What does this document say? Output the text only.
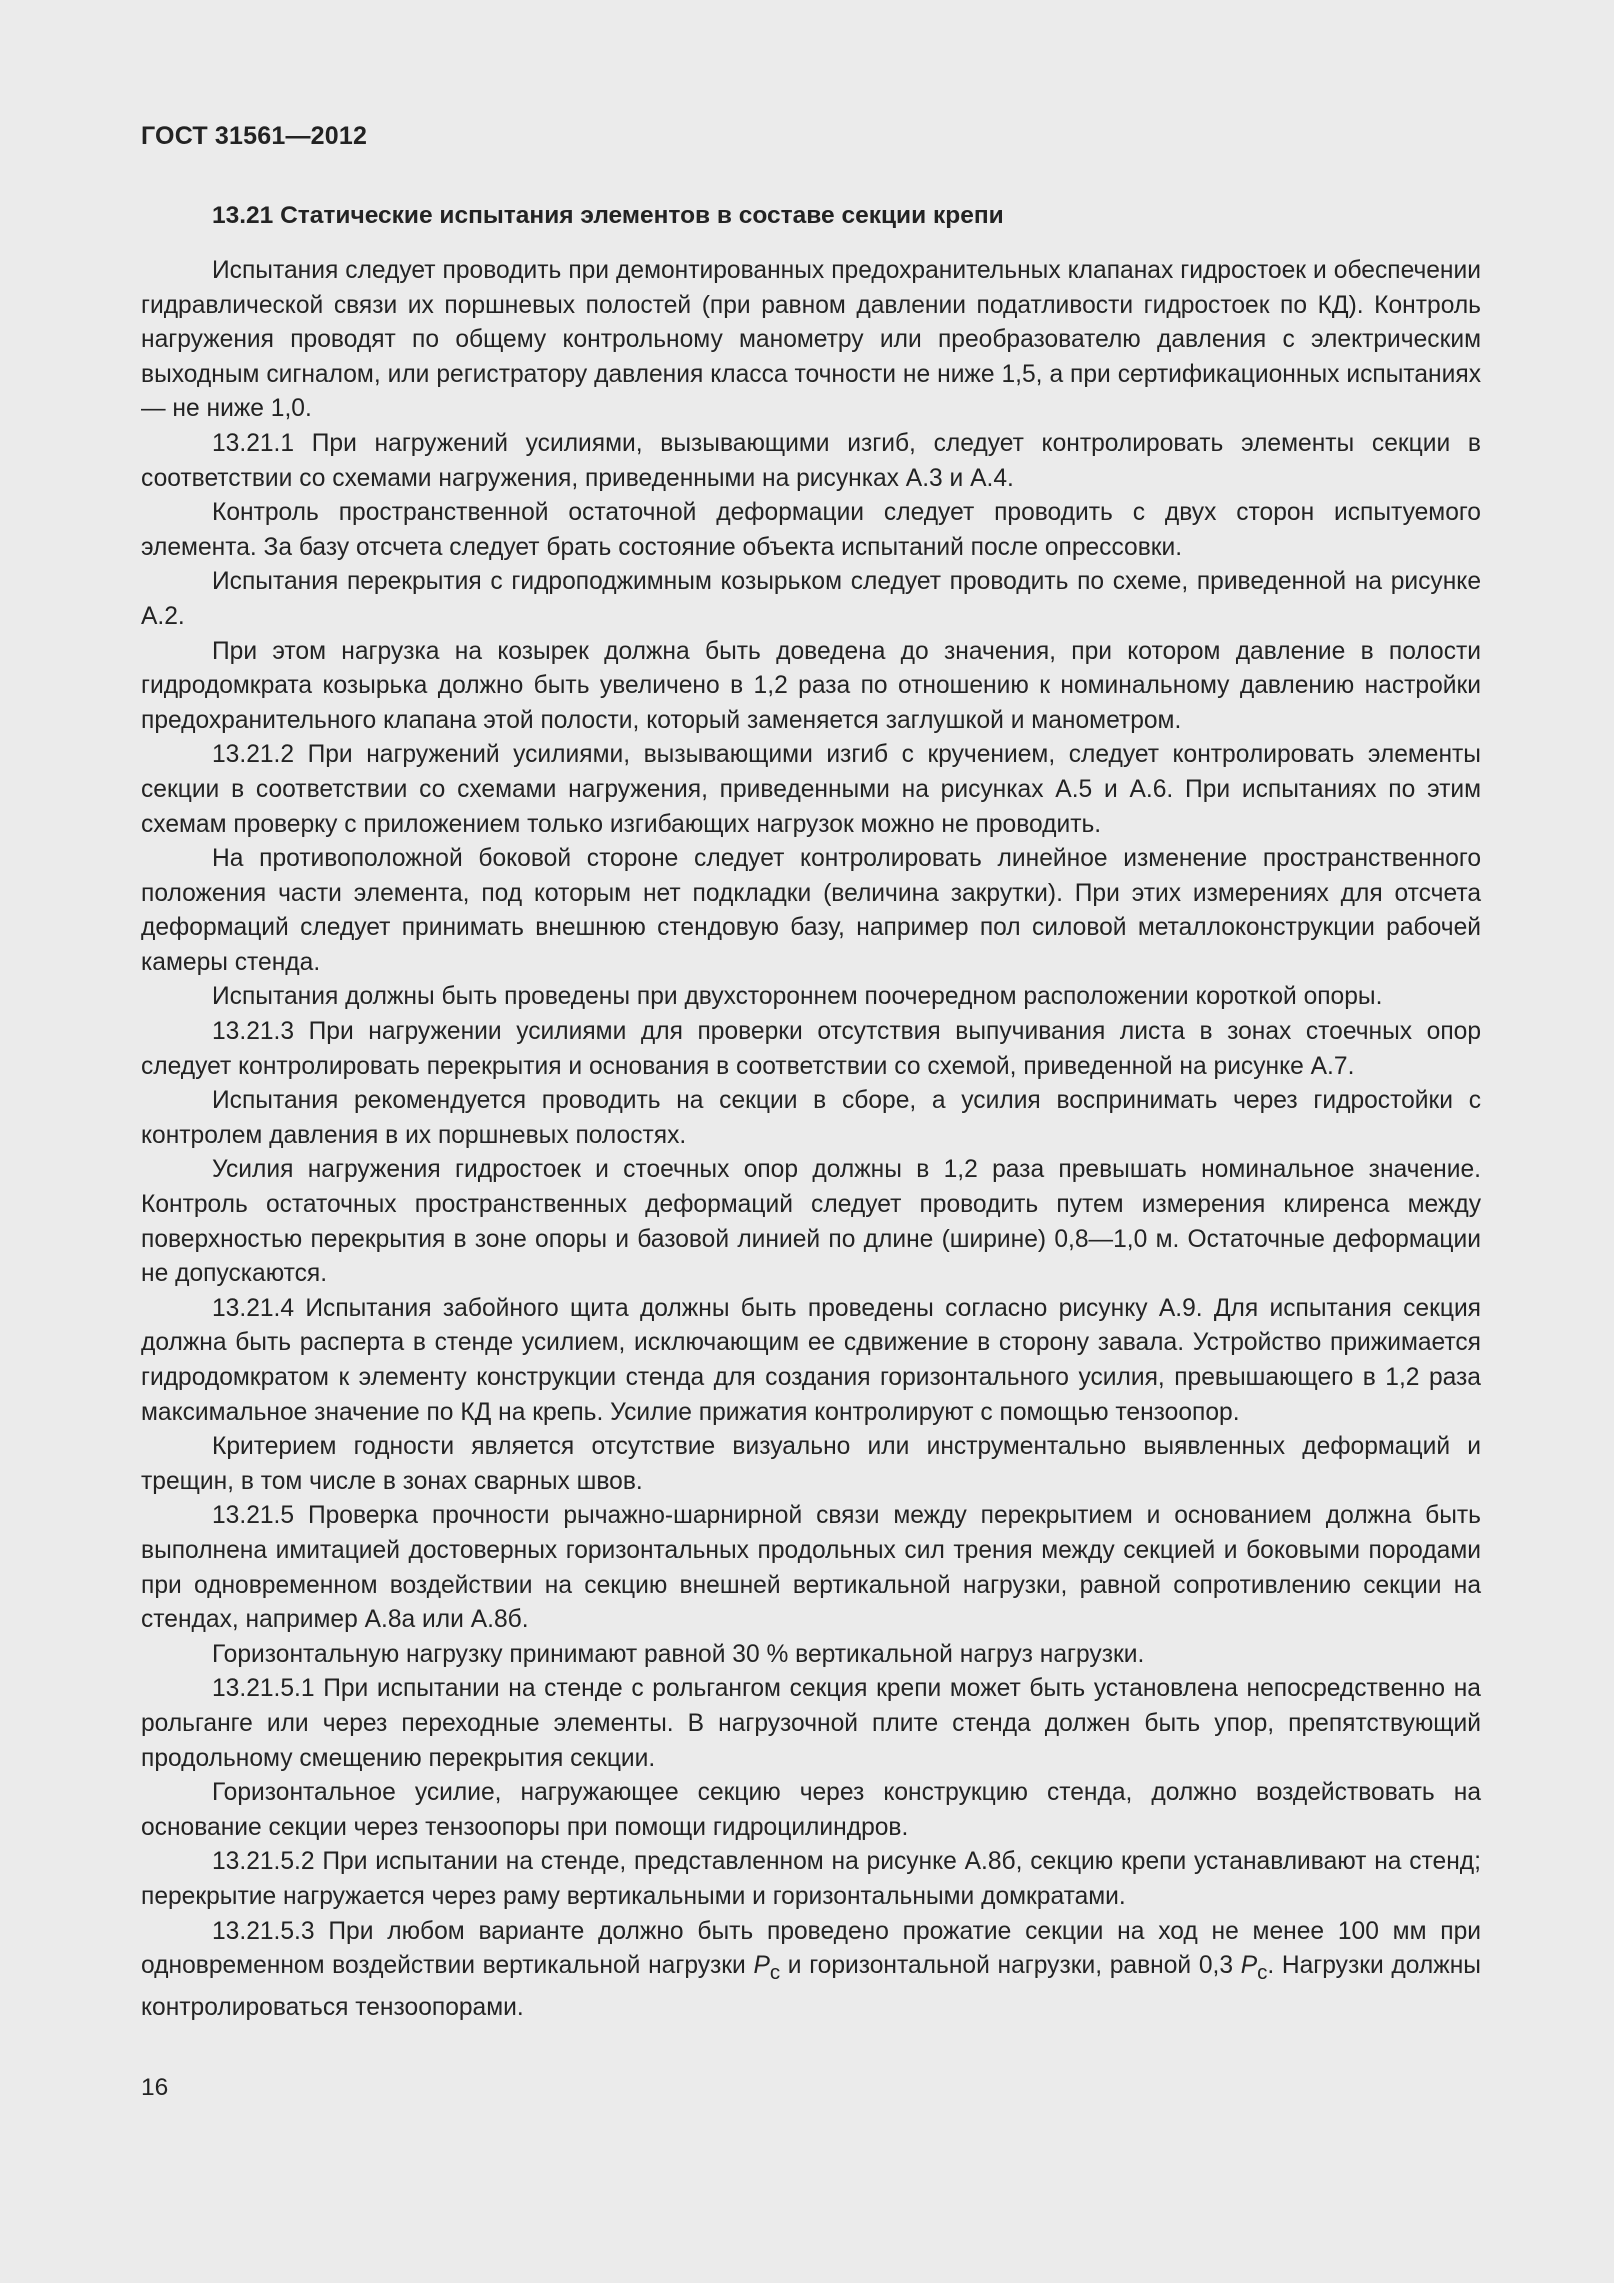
ГОСТ 31561—2012
13.21 Статические испытания элементов в составе секции крепи

Испытания следует проводить при демонтированных предохранительных клапанах гидростоек и обеспечении гидравлической связи их поршневых полостей (при равном давлении податливости гидростоек по КД). Контроль нагружения проводят по общему контрольному манометру или преобразователю давления с электрическим выходным сигналом, или регистратору давления класса точности не ниже 1,5, а при сертификационных испытаниях — не ниже 1,0.

13.21.1 При нагружений усилиями, вызывающими изгиб, следует контролировать элементы секции в соответствии со схемами нагружения, приведенными на рисунках А.3 и А.4.

Контроль пространственной остаточной деформации следует проводить с двух сторон испытуемого элемента. За базу отсчета следует брать состояние объекта испытаний после опрессовки.

Испытания перекрытия с гидроподжимным козырьком следует проводить по схеме, приведенной на рисунке А.2.

При этом нагрузка на козырек должна быть доведена до значения, при котором давление в полости гидродомкрата козырька должно быть увеличено в 1,2 раза по отношению к номинальному давлению настройки предохранительного клапана этой полости, который заменяется заглушкой и манометром.

13.21.2 При нагружений усилиями, вызывающими изгиб с кручением, следует контролировать элементы секции в соответствии со схемами нагружения, приведенными на рисунках А.5 и А.6. При испытаниях по этим схемам проверку с приложением только изгибающих нагрузок можно не проводить.

На противоположной боковой стороне следует контролировать линейное изменение пространственного положения части элемента, под которым нет подкладки (величина закрутки). При этих измерениях для отсчета деформаций следует принимать внешнюю стендовую базу, например пол силовой металлоконструкции рабочей камеры стенда.

Испытания должны быть проведены при двухстороннем поочередном расположении короткой опоры.

13.21.3 При нагружении усилиями для проверки отсутствия выпучивания листа в зонах стоечных опор следует контролировать перекрытия и основания в соответствии со схемой, приведенной на рисунке А.7.

Испытания рекомендуется проводить на секции в сборе, а усилия воспринимать через гидростойки с контролем давления в их поршневых полостях.

Усилия нагружения гидростоек и стоечных опор должны в 1,2 раза превышать номинальное значение. Контроль остаточных пространственных деформаций следует проводить путем измерения клиренса между поверхностью перекрытия в зоне опоры и базовой линией по длине (ширине) 0,8—1,0 м. Остаточные деформации не допускаются.

13.21.4 Испытания забойного щита должны быть проведены согласно рисунку А.9. Для испытания секция должна быть расперта в стенде усилием, исключающим ее сдвижение в сторону завала. Устройство прижимается гидродомкратом к элементу конструкции стенда для создания горизонтального усилия, превышающего в 1,2 раза максимальное значение по КД на крепь. Усилие прижатия контролируют с помощью тензоопор.

Критерием годности является отсутствие визуально или инструментально выявленных деформаций и трещин, в том числе в зонах сварных швов.

13.21.5 Проверка прочности рычажно-шарнирной связи между перекрытием и основанием должна быть выполнена имитацией достоверных горизонтальных продольных сил трения между секцией и боковыми породами при одновременном воздействии на секцию внешней вертикальной нагрузки, равной сопротивлению секции на стендах, например А.8а или А.8б.

Горизонтальную нагрузку принимают равной 30 % вертикальной нагруз нагрузки.

13.21.5.1 При испытании на стенде с рольгангом секция крепи может быть установлена непосредственно на рольганге или через переходные элементы. В нагрузочной плите стенда должен быть упор, препятствующий продольному смещению перекрытия секции.

Горизонтальное усилие, нагружающее секцию через конструкцию стенда, должно воздействовать на основание секции через тензоопоры при помощи гидроцилиндров.

13.21.5.2 При испытании на стенде, представленном на рисунке А.8б, секцию крепи устанавливают на стенд; перекрытие нагружается через раму вертикальными и горизонтальными домкратами.

13.21.5.3 При любом варианте должно быть проведено прожатие секции на ход не менее 100 мм при одновременном воздействии вертикальной нагрузки $P_c$ и горизонтальной нагрузки, равной 0,3 $P_c$. Нагрузки должны контролироваться тензоопорами.

16
